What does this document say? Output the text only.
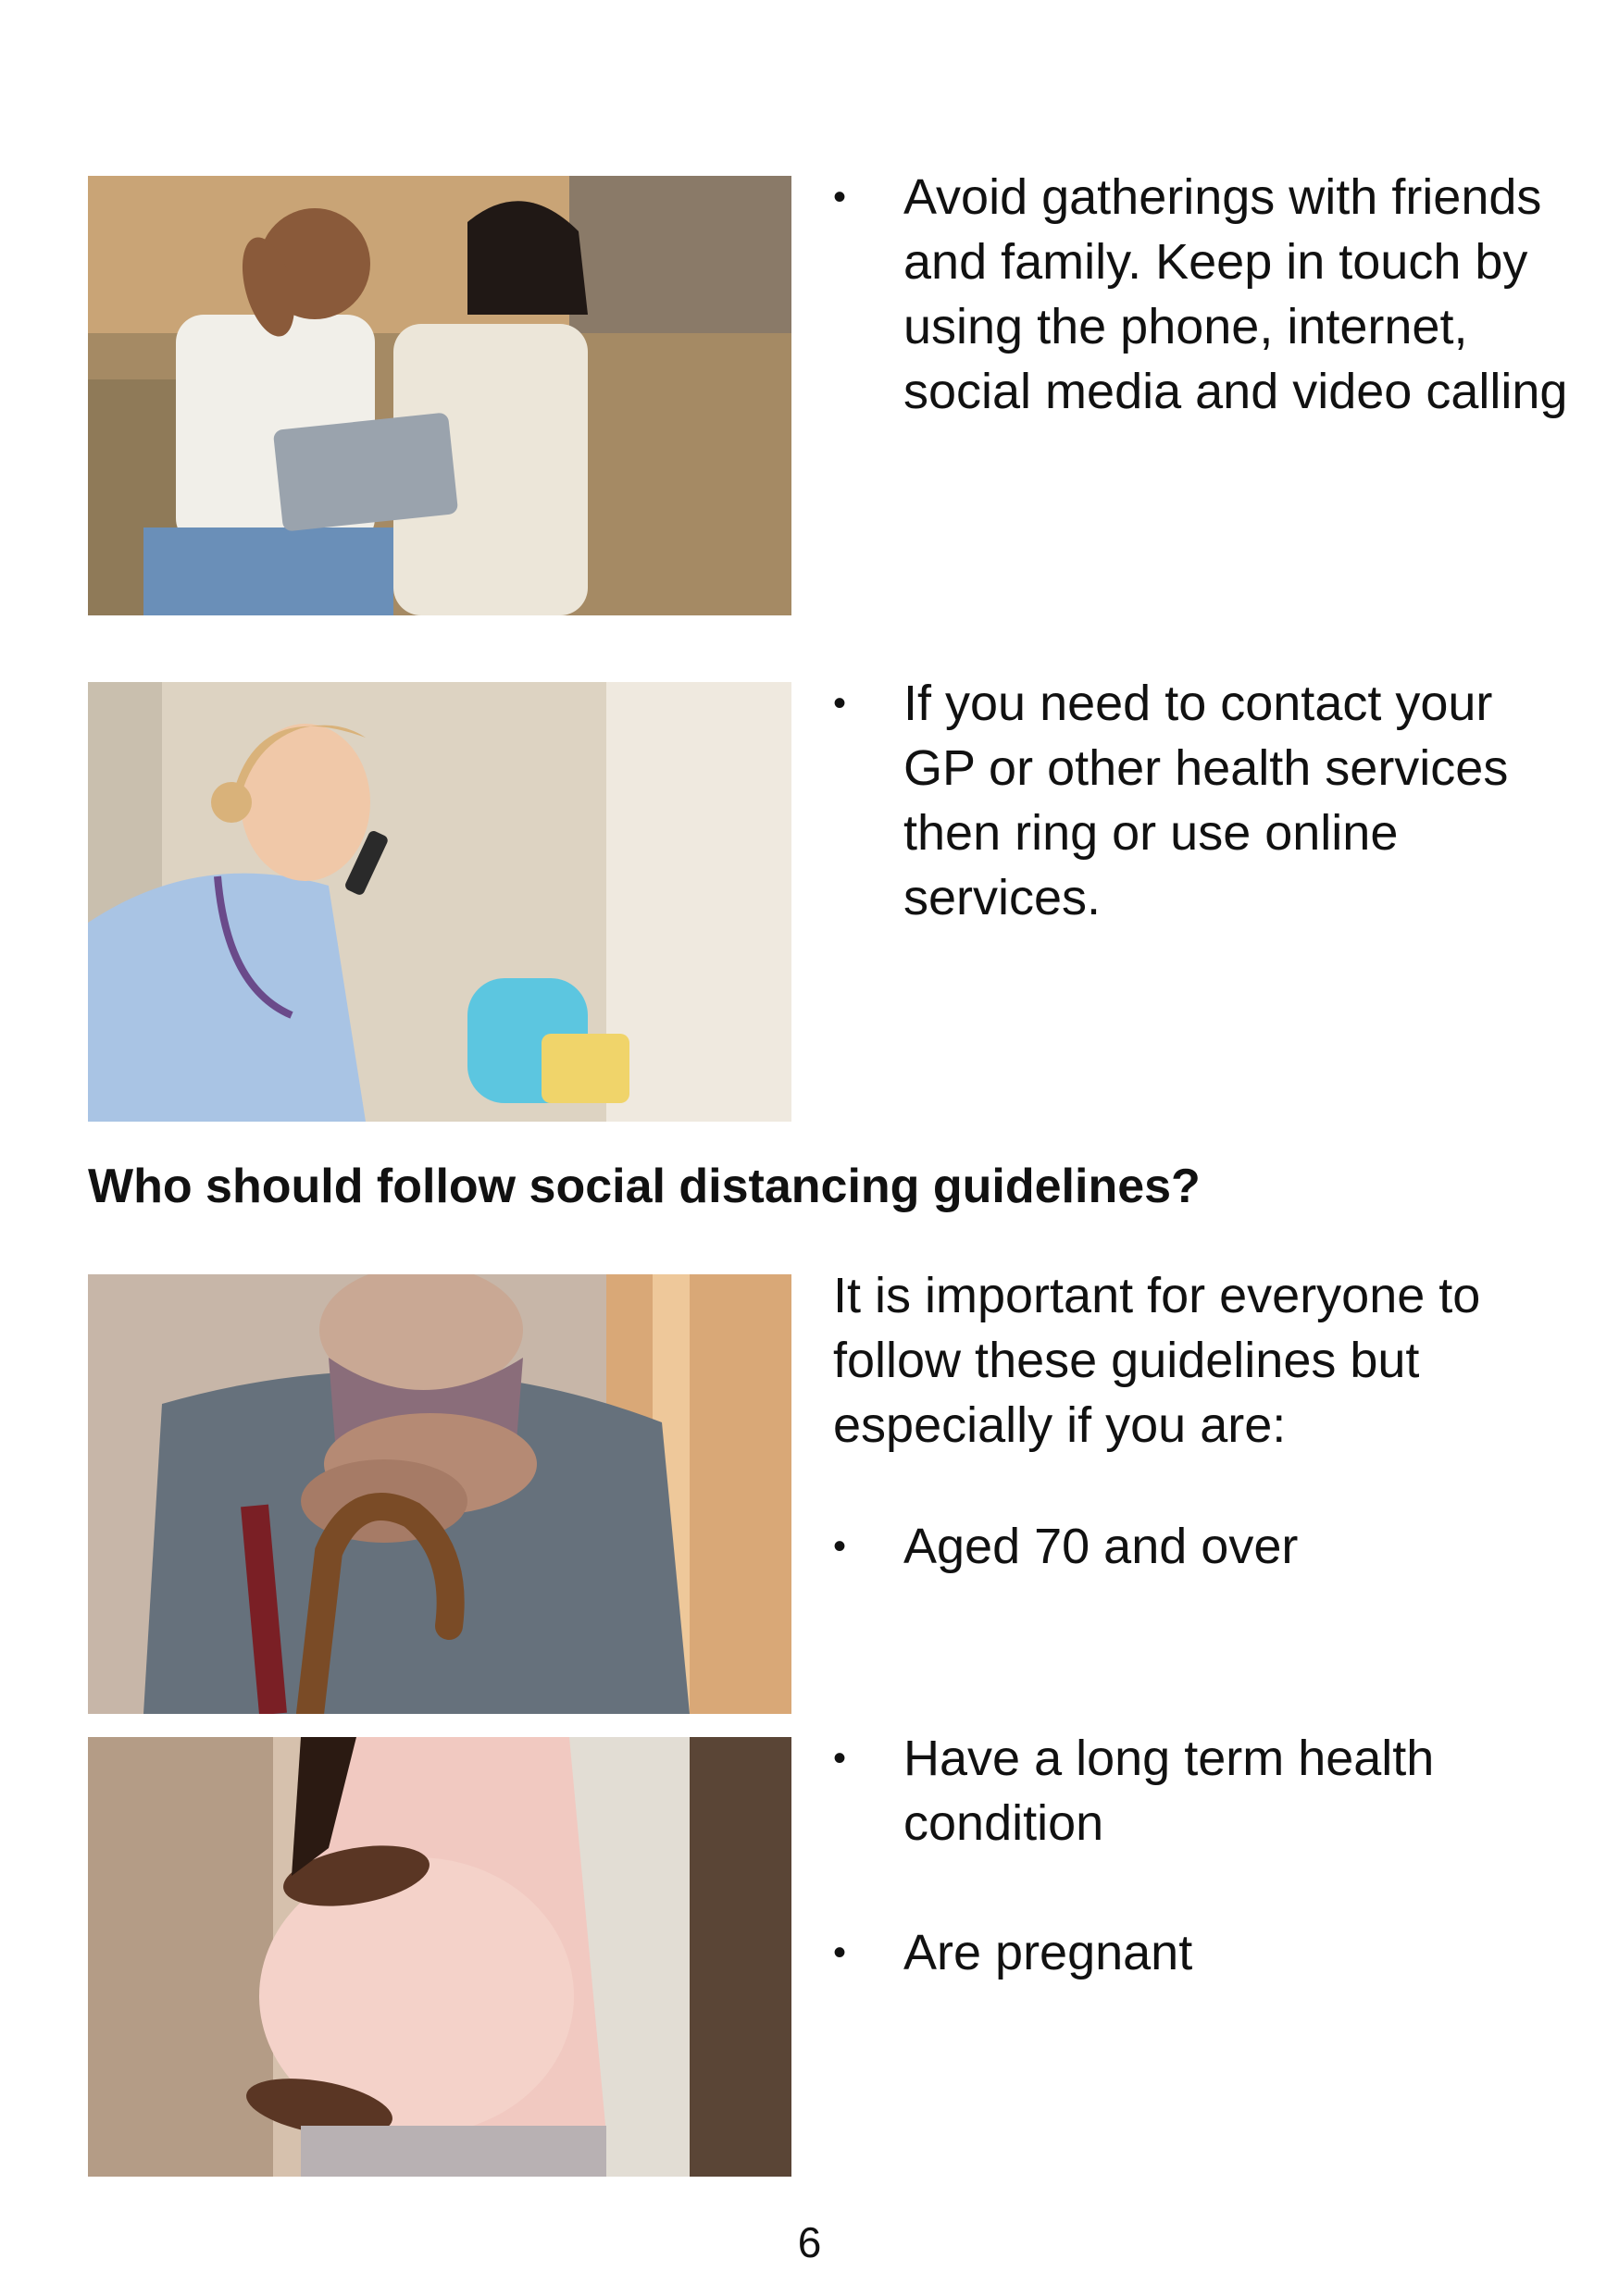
•	Avoid gatherings with friends and family. Keep in touch by using the phone, internet, social media and video calling
•	If you need to contact your GP or other health services then ring or use online services.
Who should follow social distancing guidelines?
It is important for everyone to follow these guidelines but especially if you are:
•	Aged 70 and over
•	Have a long term health condition
•	Are pregnant
6
